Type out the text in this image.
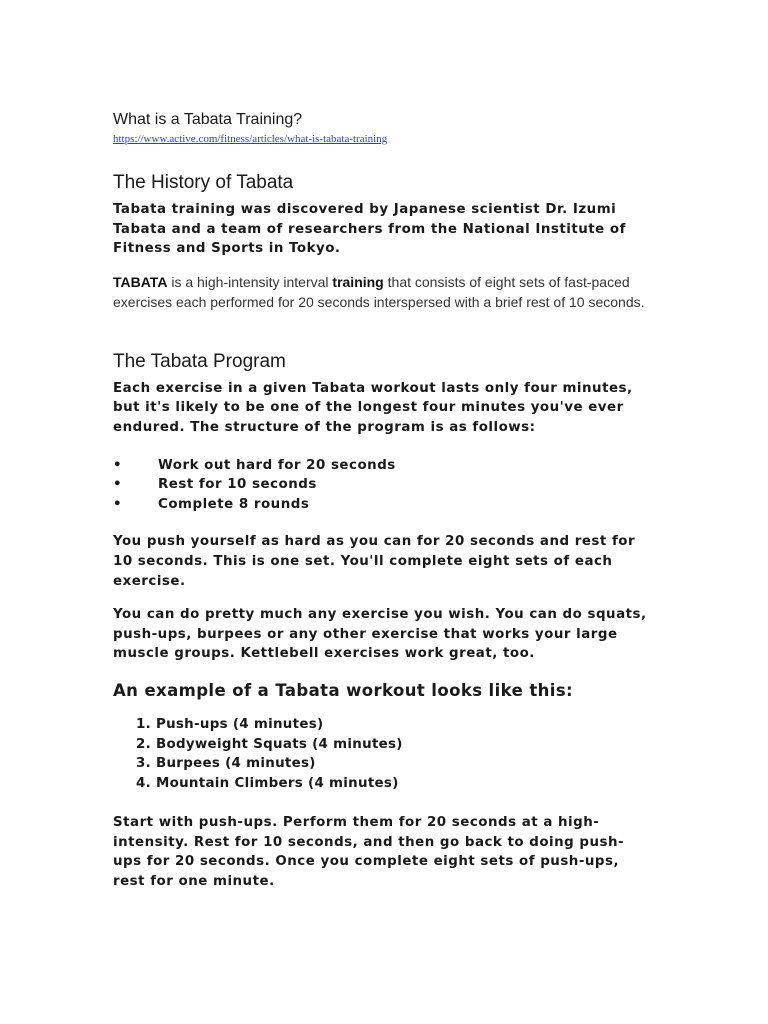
What is a Tabata Training?
https://www.active.com/fitness/articles/what-is-tabata-training
The History of Tabata

Tabata training was discovered by Japanese scientist Dr. Izumi Tabata and a team of researchers from the National Institute of Fitness and Sports in Tokyo.

TABATA is a high-intensity interval training that consists of eight sets of fast-paced exercises each performed for 20 seconds interspersed with a brief rest of 10 seconds.

The Tabata Program

Each exercise in a given Tabata workout lasts only four minutes, but it's likely to be one of the longest four minutes you've ever endured. The structure of the program is as follows:

•	Work out hard for 20 seconds
•	Rest for 10 seconds
•	Complete 8 rounds

You push yourself as hard as you can for 20 seconds and rest for 10 seconds. This is one set. You'll complete eight sets of each exercise.

You can do pretty much any exercise you wish. You can do squats, push-ups, burpees or any other exercise that works your large muscle groups. Kettlebell exercises work great, too.

An example of a Tabata workout looks like this:
1. Push-ups (4 minutes)
2. Bodyweight Squats (4 minutes)
3. Burpees (4 minutes)
4. Mountain Climbers (4 minutes)

Start with push-ups. Perform them for 20 seconds at a high-intensity. Rest for 10 seconds, and then go back to doing push-ups for 20 seconds. Once you complete eight sets of push-ups, rest for one minute.
